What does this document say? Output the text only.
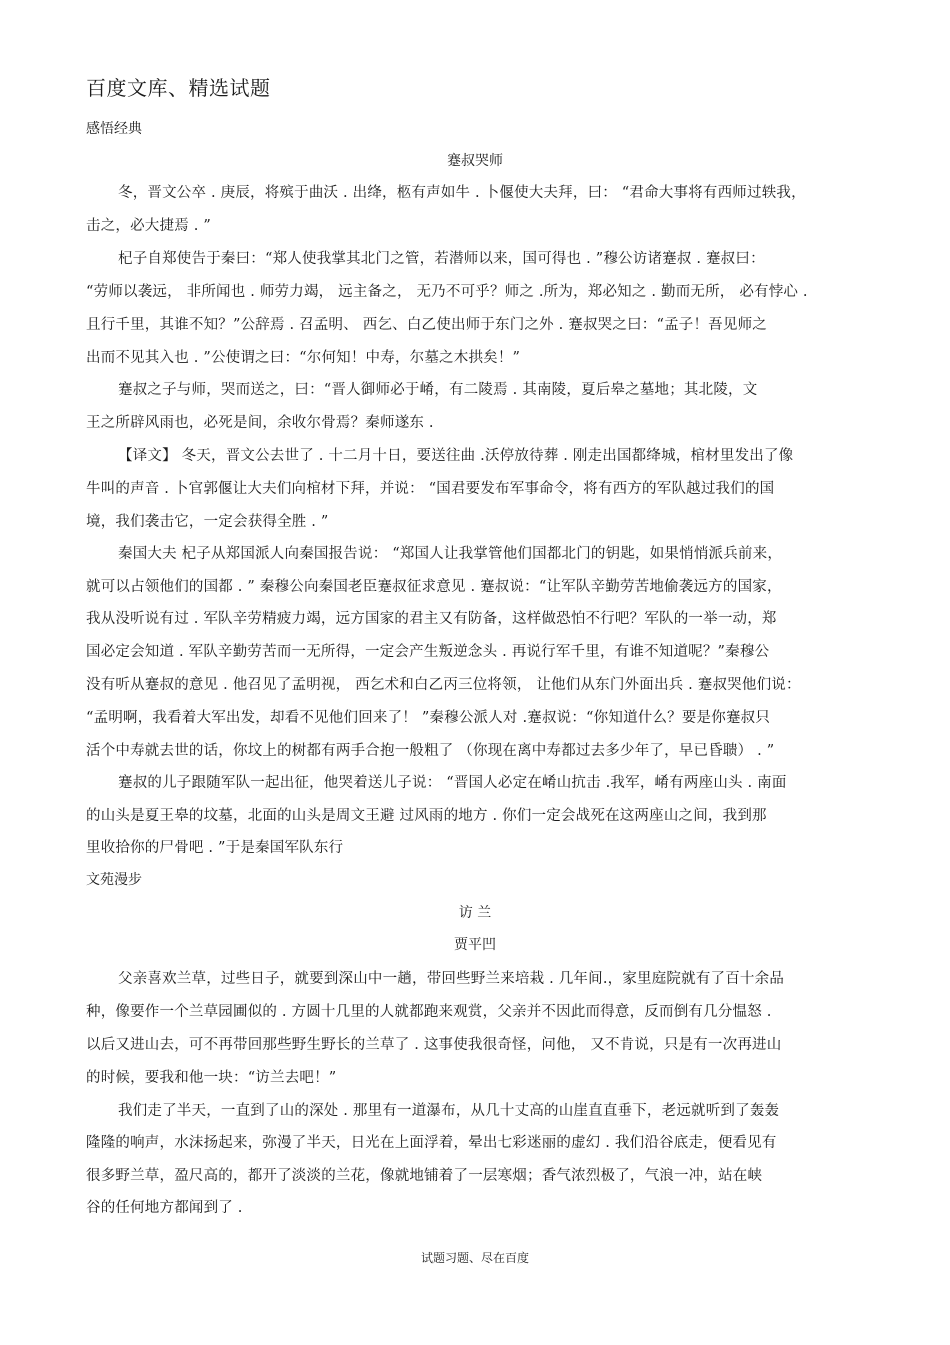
百度文库、精选试题
感悟经典
蹇叔哭师
冬，晋文公卒 . 庚辰，将殡于曲沃 . 出绛，柩有声如牛 . 卜偃使大夫拜，曰： “君命大事将有西师过轶我，
击之，必大捷焉 . ”
杞子自郑使告于秦曰：“郑人使我掌其北门之管，若潜师以来，国可得也 . ”穆公访诸蹇叔 . 蹇叔曰：
“劳师以袭远， 非所闻也 . 师劳力竭， 远主备之， 无乃不可乎？师之 .所为，郑必知之 . 勤而无所， 必有悖心 .
且行千里，其谁不知？”公辞焉 . 召孟明、 西乞、白乙使出师于东门之外 . 蹇叔哭之曰：“孟子！吾见师之
出而不见其入也 . ”公使谓之曰：“尔何知！中寿，尔墓之木拱矣！”
蹇叔之子与师，哭而送之，曰：“晋人御师必于崤，有二陵焉 . 其南陵，夏后皋之墓地；其北陵，文
王之所辟风雨也，必死是间，余收尔骨焉？秦师遂东 .
【译文】 冬天，晋文公去世了 . 十二月十日，要送往曲 .沃停放待葬 . 刚走出国都绛城，棺材里发出了像
牛叫的声音 . 卜官郭偃让大夫们向棺材下拜，并说： “国君要发布军事命令，将有西方的军队越过我们的国
境，我们袭击它，一定会获得全胜 . ”
秦国大夫 杞子从郑国派人向秦国报告说： “郑国人让我掌管他们国都北门的钥匙，如果悄悄派兵前来，
就可以占领他们的国都 . ” 秦穆公向秦国老臣蹇叔征求意见 . 蹇叔说：“让军队辛勤劳苦地偷袭远方的国家，
我从没听说有过 . 军队辛劳精疲力竭，远方国家的君主又有防备，这样做恐怕不行吧？军队的一举一动，郑
国必定会知道 . 军队辛勤劳苦而一无所得，一定会产生叛逆念头 . 再说行军千里，有谁不知道呢？”秦穆公
没有听从蹇叔的意见 . 他召见了孟明视， 西乞术和白乙丙三位将领， 让他们从东门外面出兵 . 蹇叔哭他们说：
“孟明啊，我看着大军出发，却看不见他们回来了！ ”秦穆公派人对 .蹇叔说：“你知道什么？要是你蹇叔只
活个中寿就去世的话，你坟上的树都有两手合抱一般粗了 （你现在离中寿都过去多少年了，早已昏聩） . ”
蹇叔的儿子跟随军队一起出征，他哭着送儿子说： “晋国人必定在崤山抗击 .我军，崤有两座山头 . 南面
的山头是夏王皋的坟墓，北面的山头是周文王避 过风雨的地方 . 你们一定会战死在这两座山之间，我到那
里收拾你的尸骨吧 . ”于是秦国军队东行
文苑漫步
访 兰
贾平凹
父亲喜欢兰草，过些日子，就要到深山中一趟，带回些野兰来培栽 . 几年间.，家里庭院就有了百十余品
种，像要作一个兰草园圃似的 . 方圆十几里的人就都跑来观赏，父亲并不因此而得意，反而倒有几分愠怒 .
以后又进山去，可不再带回那些野生野长的兰草了 . 这事使我很奇怪，问他， 又不肯说，只是有一次再进山
的时候，要我和他一块：“访兰去吧！”
我们走了半天，一直到了山的深处 . 那里有一道瀑布，从几十丈高的山崖直直垂下，老远就听到了轰轰
隆隆的响声，水沫扬起来，弥漫了半天，日光在上面浮着，晕出七彩迷丽的虚幻 . 我们沿谷底走，便看见有
很多野兰草，盈尺高的，都开了淡淡的兰花，像就地铺着了一层寒烟；香气浓烈极了，气浪一冲，站在峡
谷的任何地方都闻到了 .
试题习题、尽在百度
